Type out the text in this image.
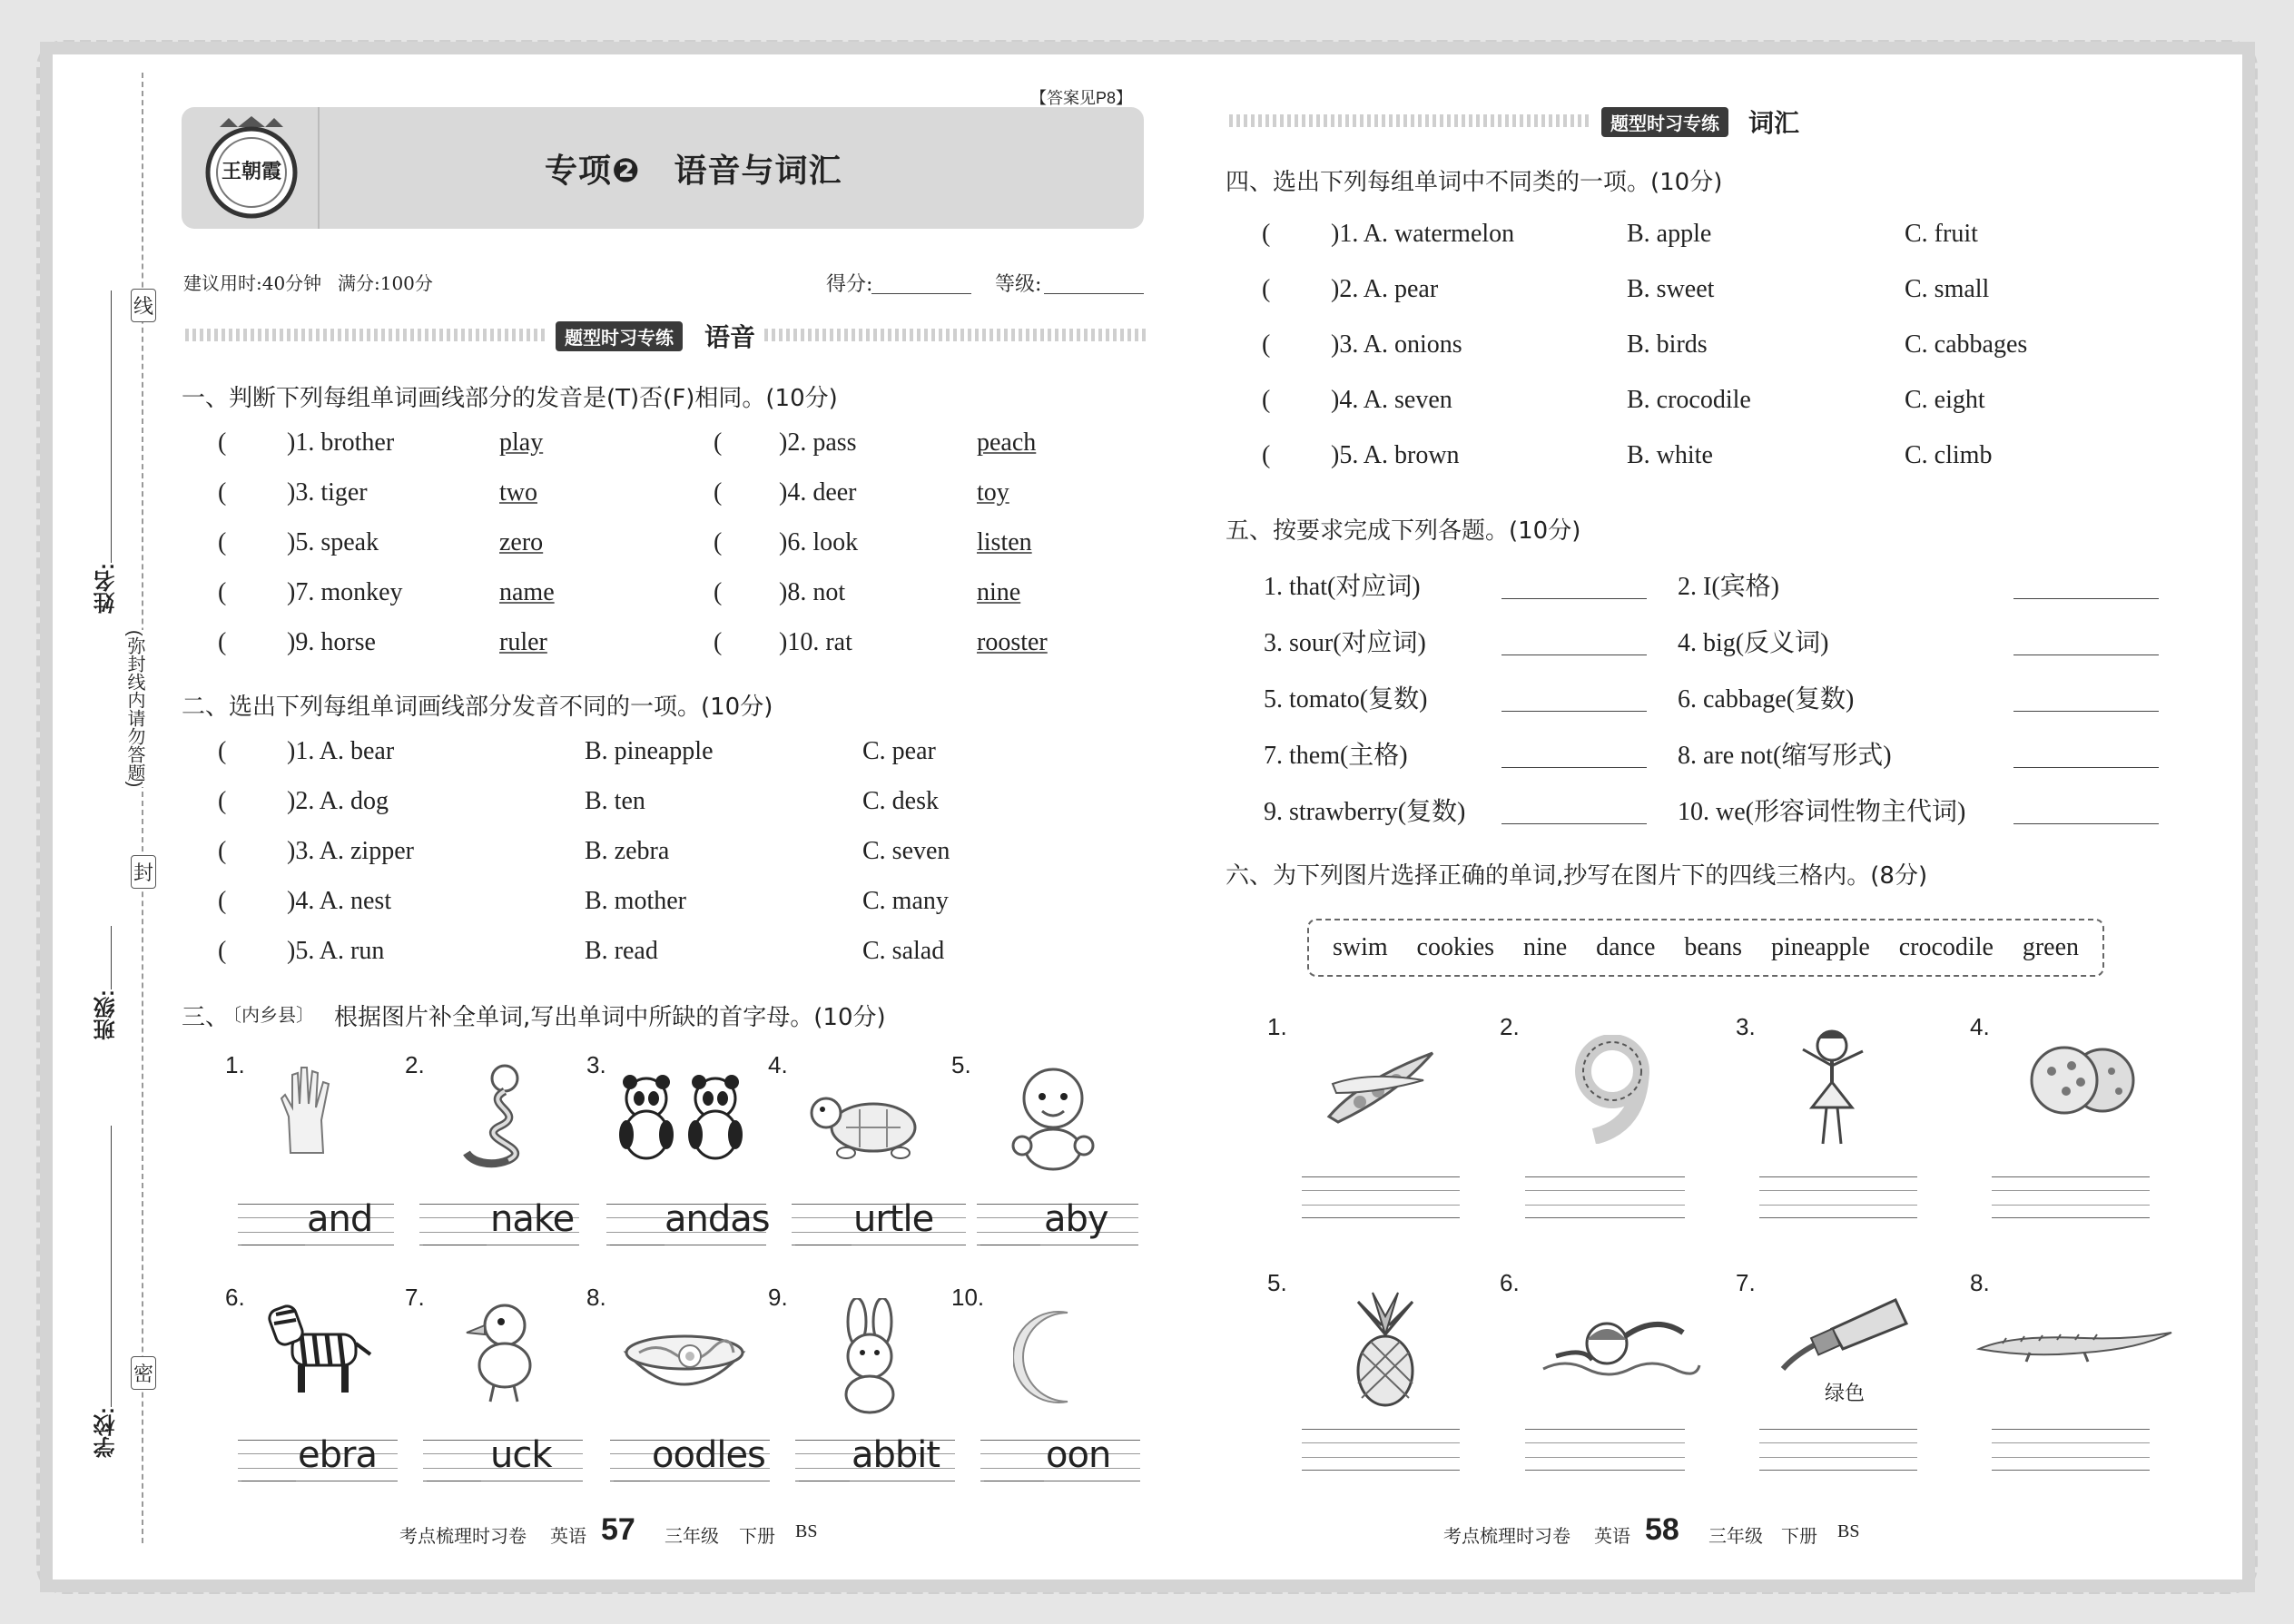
线
姓名:
(弥封线内请勿答题)
封
班级:
密
学校:
【答案见P8】
王朝霞	专项❷　语音与词汇
建议用时:40分钟 满分:100分	得分:	等级:
题型时习专练	语音
一、判断下列每组单词画线部分的发音是(T)否(F)相同。(10分)
( )1. brother	play	( )2. pass	peach
( )3. tiger	two	( )4. deer	toy
( )5. speak	zero	( )6. look	listen
( )7. monkey	name	( )8. not	nine
( )9. horse	ruler	( )10. rat	rooster
二、选出下列每组单词画线部分发音不同的一项。(10分)
( )1. A. bear	B. pineapple	C. pear
( )2. A. dog	B. ten	C. desk
( )3. A. zipper	B. zebra	C. seven
( )4. A. nest	B. mother	C. many
( )5. A. run	B. read	C. salad
三、
〔内乡县〕 根据图片补全单词,写出单词中所缺的首字母。(10分)
1.
and
2.
nake
3.
andas
4.
urtle
5.
aby
6.
ebra
7.
uck
8.
oodles
9.
abbit
10.
oon
考点梳理时习卷 英语 57 三年级 下册 BS
题型时习专练	词汇
四、选出下列每组单词中不同类的一项。(10分)
( )1. A. watermelon	B. apple	C. fruit
( )2. A. pear	B. sweet	C. small
( )3. A. onions	B. birds	C. cabbages
( )4. A. seven	B. crocodile	C. eight
( )5. A. brown	B. white	C. climb
五、按要求完成下列各题。(10分)
1. that(对应词)	2. I(宾格)
3. sour(对应词)	4. big(反义词)
5. tomato(复数)	6. cabbage(复数)
7. them(主格)	8. are not(缩写形式)
9. strawberry(复数)	10. we(形容词性物主代词)
六、为下列图片选择正确的单词,抄写在图片下的四线三格内。(8分)
swim cookies nine dance beans pineapple crocodile green
1.	2.	3.	4.
5.	6.	7.
绿色
8.
考点梳理时习卷 英语 58 三年级 下册 BS
